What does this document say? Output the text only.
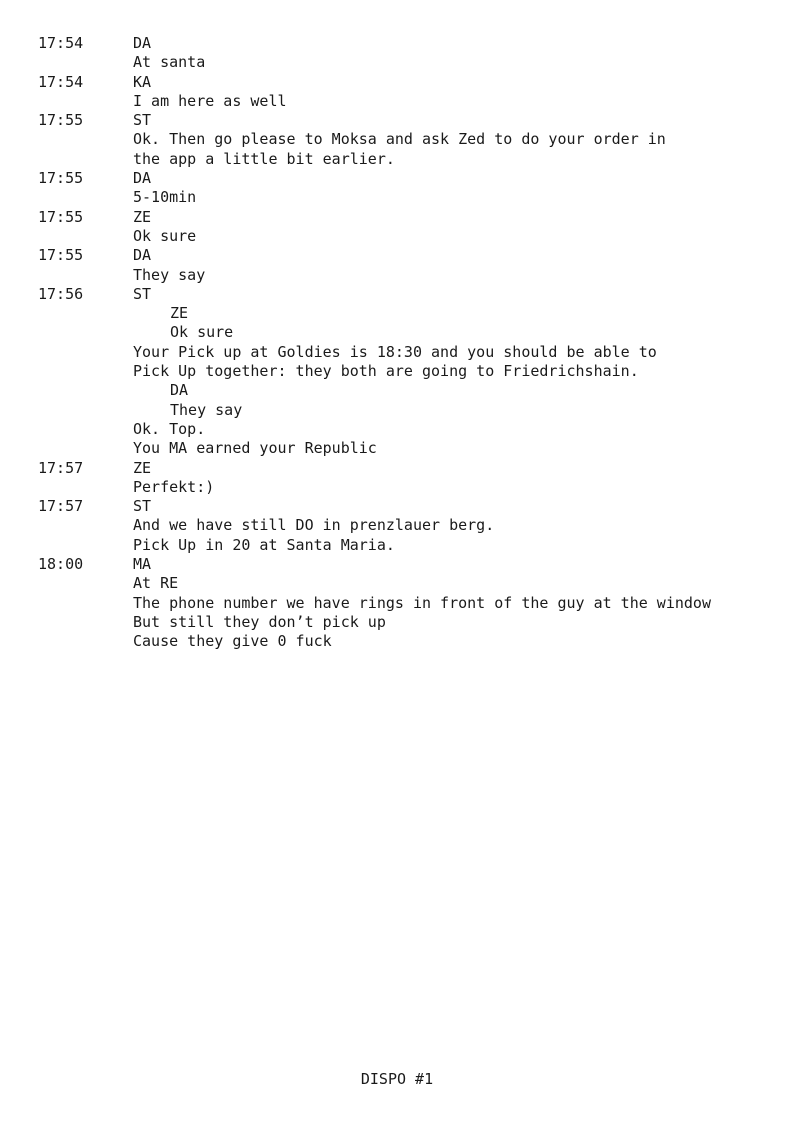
17:54	DA
At santa
17:54	KA
I am here as well
17:55	ST
Ok. Then go please to Moksa and ask Zed to do your order in
the app a little bit earlier.
17:55	DA
5-10min
17:55	ZE
Ok sure
17:55	DA
They say
17:56	ST
ZE
Ok sure
Your Pick up at Goldies is 18:30 and you should be able to
Pick Up together: they both are going to Friedrichshain.
DA
They say
Ok. Top.
You MA earned your Republic
17:57	ZE
Perfekt:)
17:57	ST
And we have still DO in prenzlauer berg.
Pick Up in 20 at Santa Maria.
18:00	MA
At RE
The phone number we have rings in front of the guy at the window
But still they don’t pick up
Cause they give 0 fuck
DISPO #1
